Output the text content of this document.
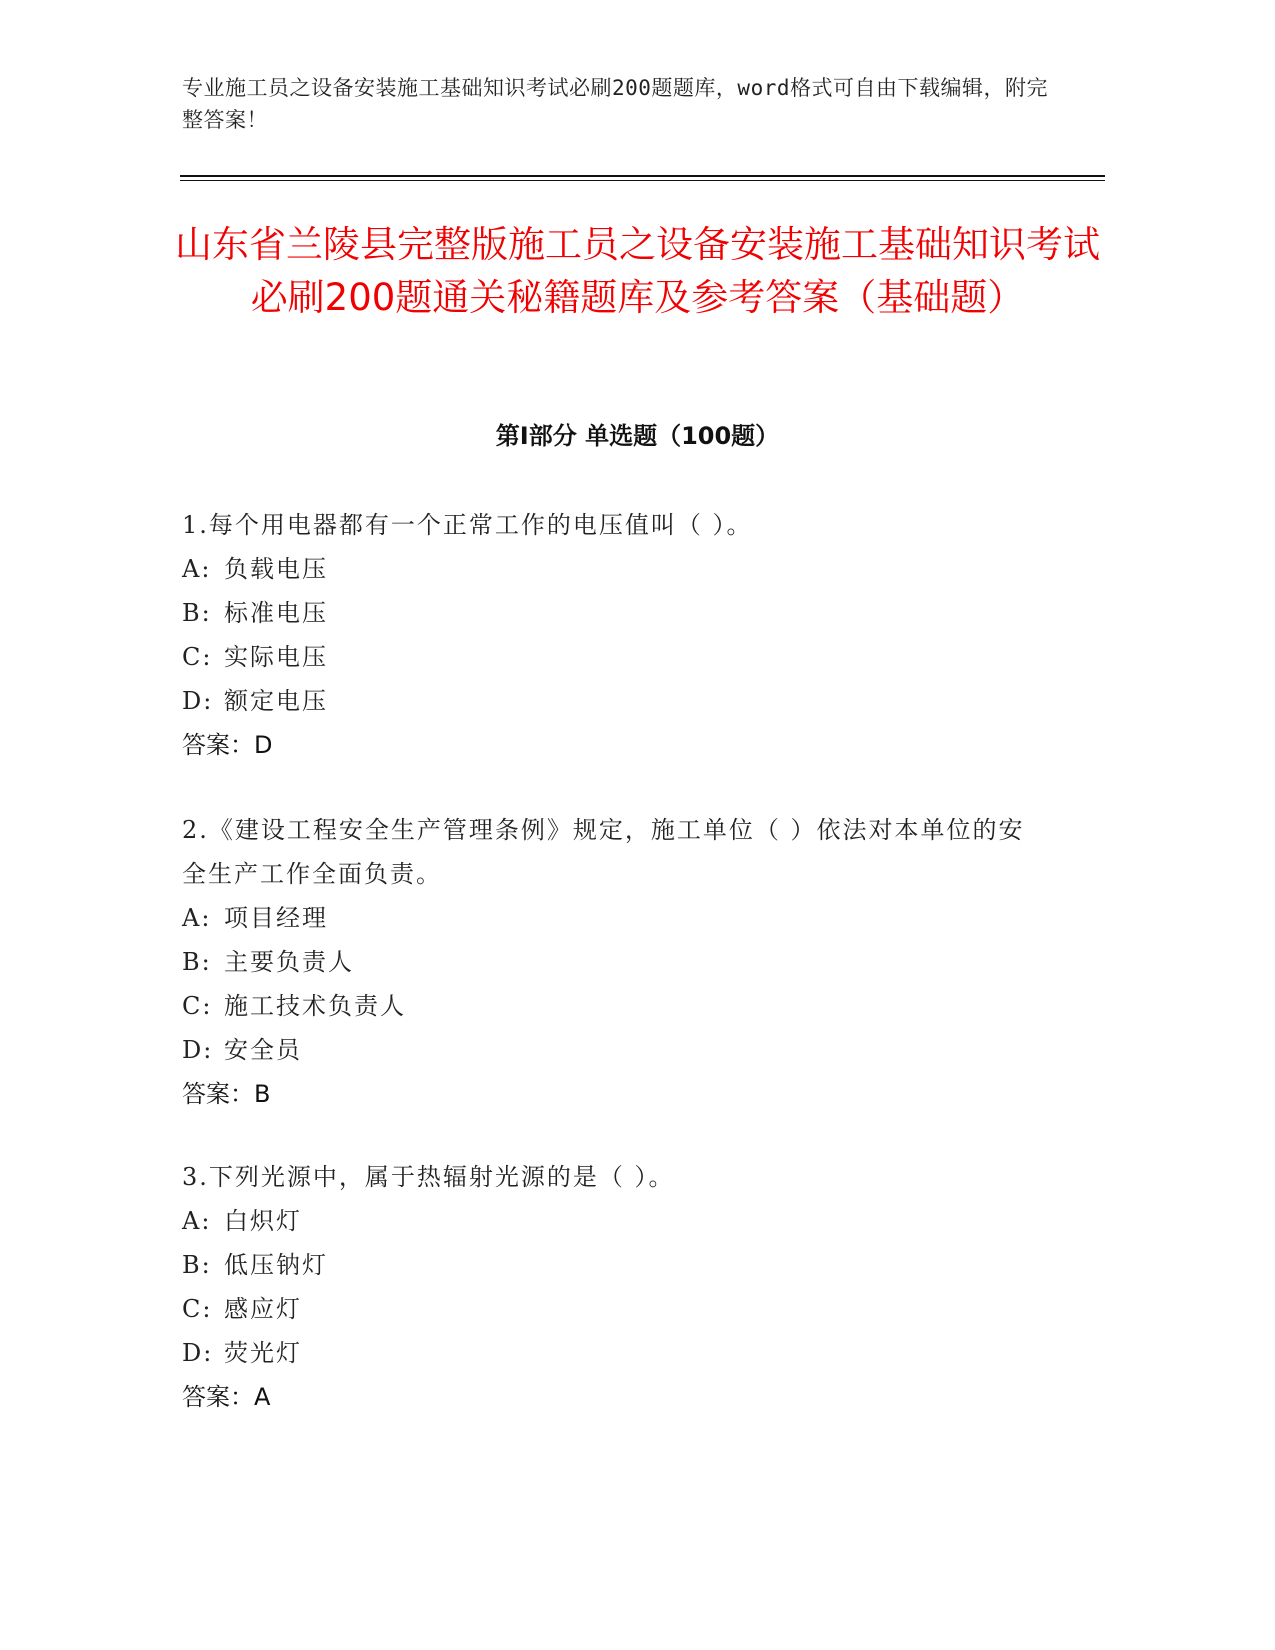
专业施工员之设备安装施工基础知识考试必刷200题题库，word格式可自由下载编辑，附完整答案！
山东省兰陵县完整版施工员之设备安装施工基础知识考试必刷200题通关秘籍题库及参考答案（基础题）
第I部分 单选题（100题）
1.每个用电器都有一个正常工作的电压值叫（ ）。
A: 负载电压
B: 标准电压
C: 实际电压
D: 额定电压
答案：D
2.《建设工程安全生产管理条例》规定，施工单位（ ）依法对本单位的安全生产工作全面负责。
A: 项目经理
B: 主要负责人
C: 施工技术负责人
D: 安全员
答案：B
3.下列光源中，属于热辐射光源的是（ ）。
A: 白炽灯
B: 低压钠灯
C: 感应灯
D: 荧光灯
答案：A
